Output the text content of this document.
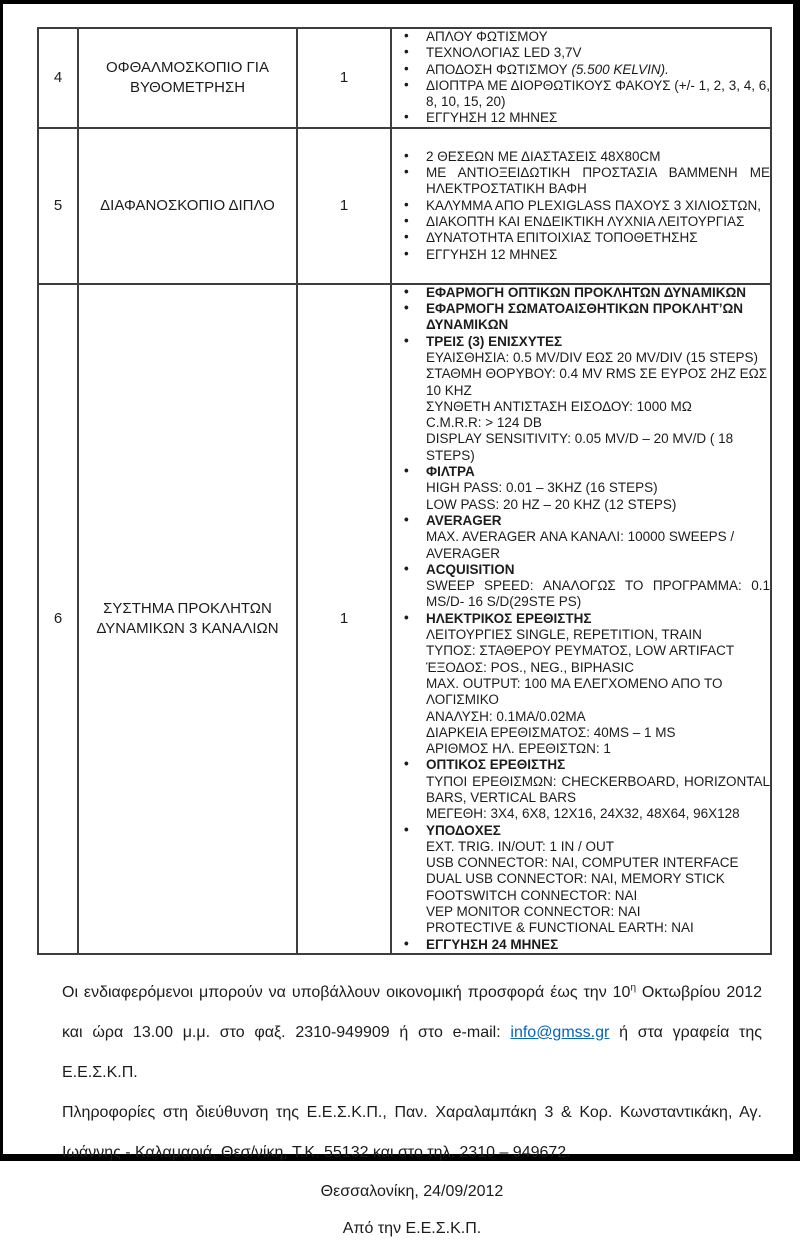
4	ΟΦΘΑΛΜΟΣΚΟΠΙΟ ΓΙΑ ΒΥΘΟΜΕΤΡΗΣΗ	1	
• ΑΠΛΟΥ ΦΩΤΙΣΜΟΥ
• ΤΕΧΝΟΛΟΓΙΑΣ LED 3,7V
• ΑΠΟΔΟΣΗ ΦΩΤΙΣΜΟΥ (5.500 KELVIN).
• ΔΙΟΠΤΡΑ ΜΕ ΔΙΟΡΘΩΤΙΚΟΥΣ ΦΑΚΟΥΣ (+/- 1, 2, 3, 4, 6, 8, 10, 15, 20)
• ΕΓΓΥΗΣΗ 12 ΜΗΝΕΣ

5	ΔΙΑΦΑΝΟΣΚΟΠΙΟ ΔΙΠΛΟ	1	
• 2 ΘΕΣΕΩΝ ΜΕ ΔΙΑΣΤΑΣΕΙΣ 48Χ80CM
• ΜΕ ΑΝΤΙΟΞΕΙΔΩΤΙΚΗ ΠΡΟΣΤΑΣΙΑ ΒΑΜΜΕΝΗ ΜΕ ΗΛΕΚΤΡΟΣΤΑΤΙΚΗ ΒΑΦΗ
• ΚΑΛΥΜΜΑ ΑΠΟ PLEXIGLASS ΠΑΧΟΥΣ 3 ΧΙΛΙΟΣΤΩΝ,
• ΔΙΑΚΟΠΤΗ ΚΑΙ ΕΝΔΕΙΚΤΙΚΗ ΛΥΧΝΙΑ ΛΕΙΤΟΥΡΓΙΑΣ
• ΔΥΝΑΤΟΤΗΤΑ ΕΠΙΤΟΙΧΙΑΣ ΤΟΠΟΘΕΤΗΣΗΣ
• ΕΓΓΥΗΣΗ 12 ΜΗΝΕΣ

6	ΣΥΣΤΗΜΑ ΠΡΟΚΛΗΤΩΝ ΔΥΝΑΜΙΚΩΝ 3 ΚΑΝΑΛΙΩΝ	1	
• ΕΦΑΡΜΟΓΗ ΟΠΤΙΚΩΝ ΠΡΟΚΛΗΤΩΝ ΔΥΝΑΜΙΚΩΝ
• ΕΦΑΡΜΟΓΗ ΣΩΜΑΤΟΑΙΣΘΗΤΙΚΩΝ ΠΡΟΚΛΗΤ’ΩΝ ΔΥΝΑΜΙΚΩΝ
• ΤΡΕΙΣ (3) ΕΝΙΣΧΥΤΕΣ
ΕΥΑΙΣΘΗΣΙΑ: 0.5 MV/DIV ΕΩΣ 20 MV/DIV (15 STEPS)
ΣΤΑΘΜΗ ΘΟΡΥΒΟΥ: 0.4 MV RMS ΣΕ ΕΥΡΟΣ 2HZ ΕΩΣ 10 KHZ
ΣΥΝΘΕΤΗ ΑΝΤΙΣΤΑΣΗ ΕΙΣΟΔΟΥ: 1000 ΜΩ
C.M.R.R: > 124 DB
DISPLAY SENSITIVITY: 0.05 MV/D – 20 MV/D ( 18 STEPS)
• ΦΙΛΤΡΑ
HIGH PASS: 0.01 – 3KHZ (16 STEPS)
LOW PASS: 20 HZ – 20 KHZ (12 STEPS)
• AVERAGER
MAX. AVERAGER ΑΝΑ ΚΑΝΑΛΙ: 10000 SWEEPS / AVERAGER
• ACQUISITION
SWEEP SPEED: ΑΝΑΛΟΓΩΣ ΤΟ ΠΡΟΓΡΑΜΜΑ: 0.1 MS/D- 16 S/D(29STE PS)
• ΗΛΕΚΤΡΙΚΟΣ ΕΡΕΘΙΣΤΗΣ
ΛΕΙΤΟΥΡΓΙΕΣ SINGLE, REPETITION, TRAIN
ΤΥΠΟΣ: ΣΤΑΘΕΡΟΥ ΡΕΥΜΑΤΟΣ, LOW ARTIFACT
ΈΞΟΔΟΣ: POS., NEG., BIPHASIC
MAX. OUTPUT: 100 MA ΕΛΕΓΧΟΜΕΝΟ ΑΠΟ ΤΟ ΛΟΓΙΣΜΙΚΟ
ΑΝΑΛΥΣΗ: 0.1ΜΑ/0.02ΜΑ
ΔΙΑΡΚΕΙΑ ΕΡΕΘΙΣΜΑΤΟΣ: 40MS – 1 MS
ΑΡΙΘΜΟΣ ΗΛ. ΕΡΕΘΙΣΤΩΝ: 1
• ΟΠΤΙΚΟΣ ΕΡΕΘΙΣΤΗΣ
ΤΥΠΟΙ ΕΡΕΘΙΣΜΩΝ: CHECKERBOARD, HORIZONTAL BARS, VERTICAL BARS
ΜΕΓΕΘΗ: 3Χ4, 6Χ8, 12Χ16, 24Χ32, 48Χ64, 96Χ128
• ΥΠΟΔΟΧΕΣ
EXT. TRIG. IN/OUT: 1 IN / OUT
USB CONNECTOR: ΝΑΙ, COMPUTER INTERFACE
DUAL USB CONNECTOR: ΝΑΙ, MEMORY STICK
FOOTSWITCH CONNECTOR: ΝΑΙ
VEP MONITOR CONNECTOR: ΝΑΙ
PROTECTIVE & FUNCTIONAL EARTH: ΝΑΙ
• ΕΓΓΥΗΣΗ 24 ΜΗΝΕΣ

Οι ενδιαφερόμενοι μπορούν να υποβάλλουν οικονομική προσφορά έως την $10^\eta$ Οκτωβρίου 2012 και ώρα 13.00 μ.μ. στο φαξ. 2310-949909 ή στο e-mail: info@gmss.gr ή στα γραφεία της Ε.Ε.Σ.Κ.Π.

Πληροφορίες στη διεύθυνση της Ε.Ε.Σ.Κ.Π., Παν. Χαραλαμπάκη 3 & Κορ. Κωνσταντικάκη, Αγ. Ιωάννης - Καλαμαριά, Θεσ/νίκη, Τ.Κ. 55132 και στο τηλ. 2310 – 949672.

Θεσσαλονίκη, 24/09/2012

Από την Ε.Ε.Σ.Κ.Π.
